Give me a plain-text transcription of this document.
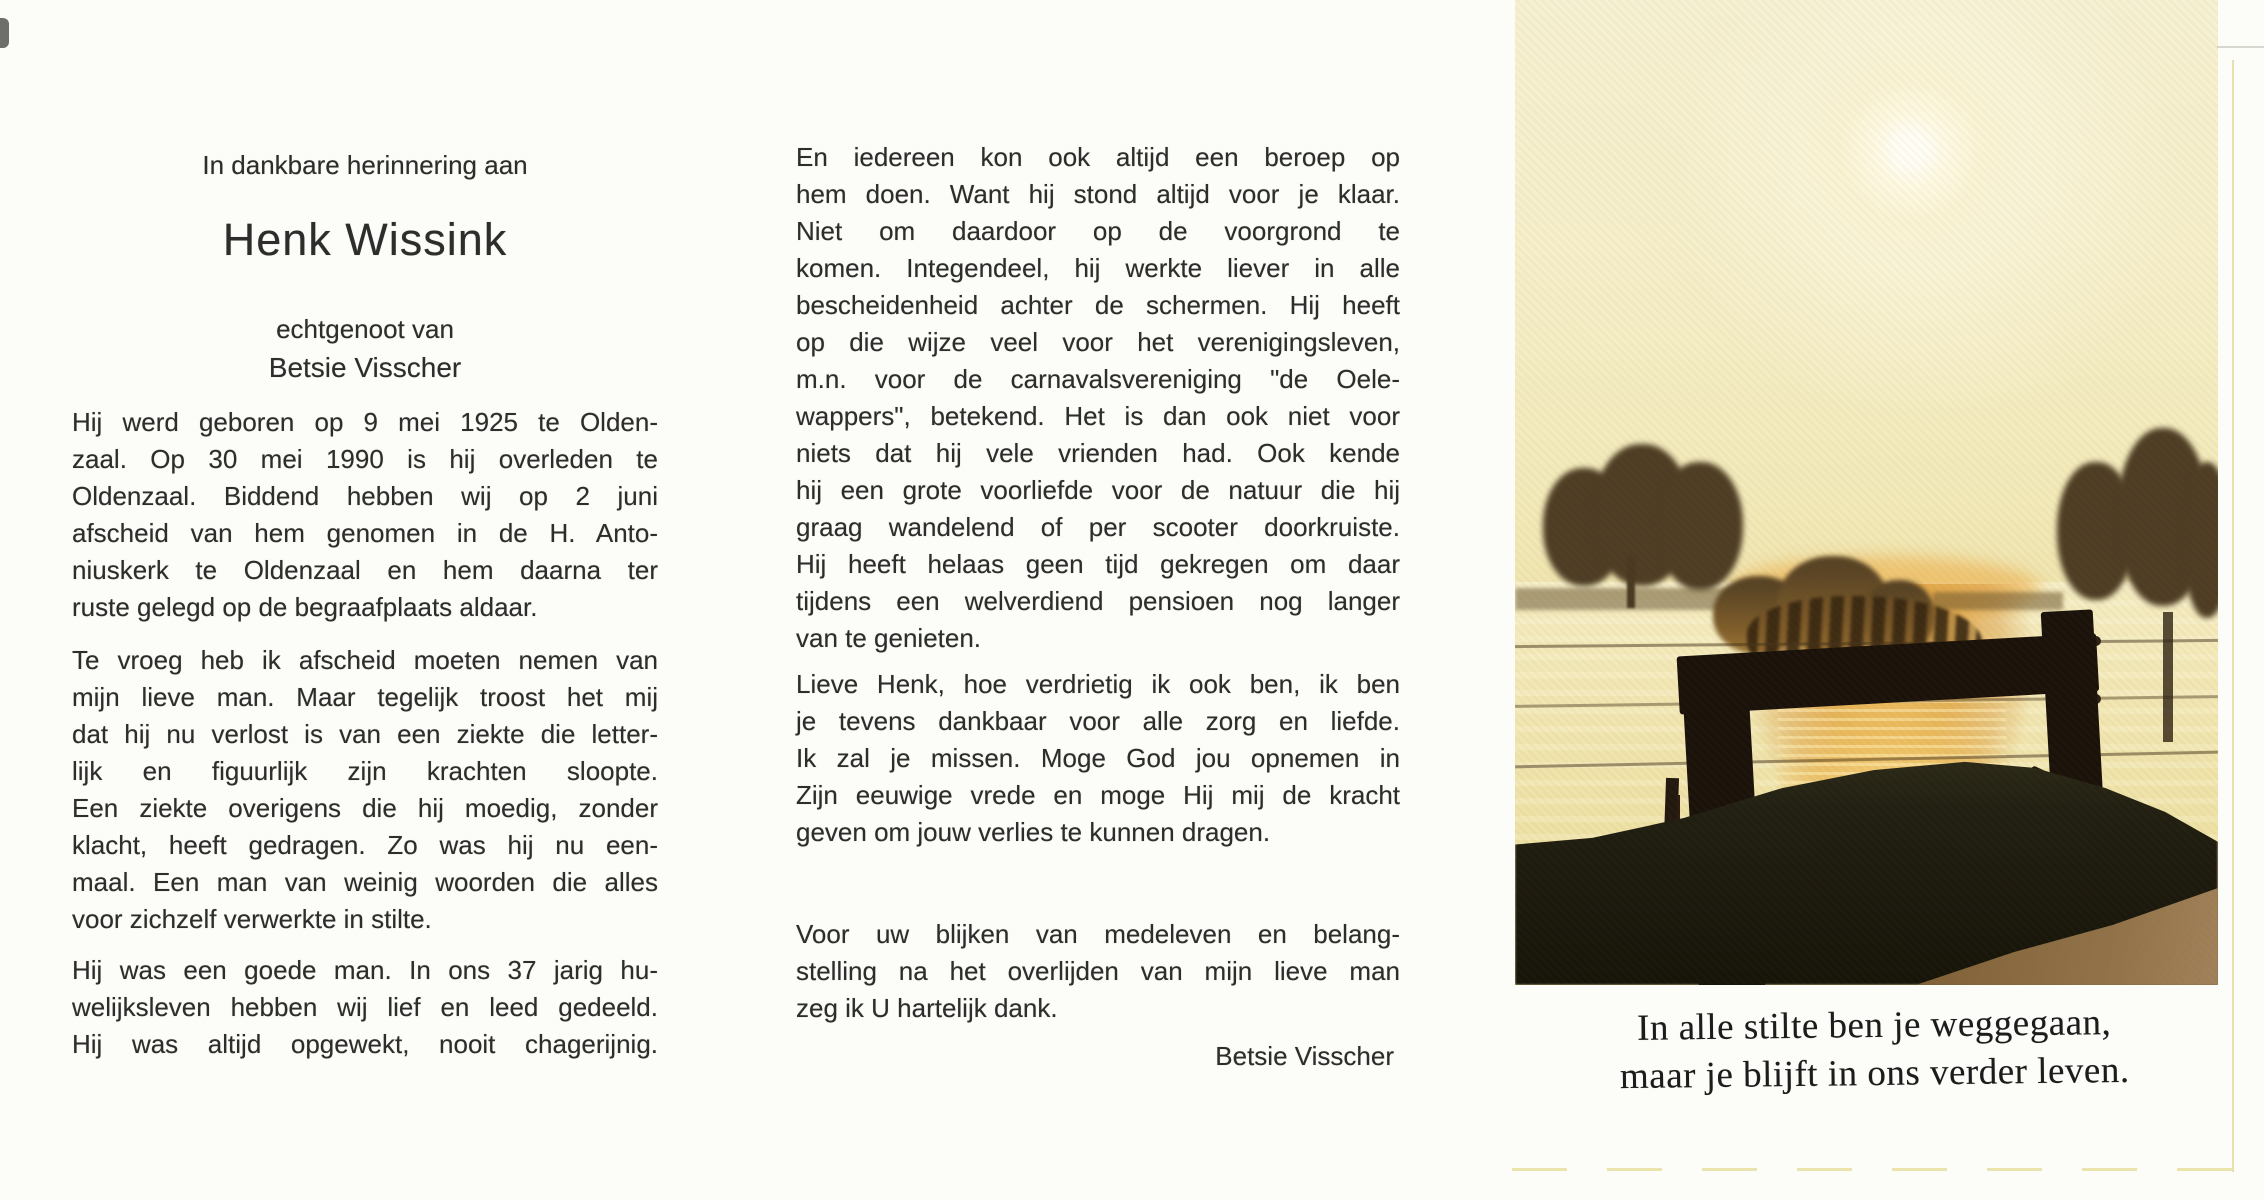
In dankbare herinnering aan
Henk Wissink
echtgenoot van
Betsie Visscher
Hij werd geboren op 9 mei 1925 te Olden-
zaal. Op 30 mei 1990 is hij overleden te
Oldenzaal. Biddend hebben wij op 2 juni
afscheid van hem genomen in de H. Anto-
niuskerk te Oldenzaal en hem daarna ter
ruste gelegd op de begraafplaats aldaar.
Te vroeg heb ik afscheid moeten nemen van
mijn lieve man. Maar tegelijk troost het mij
dat hij nu verlost is van een ziekte die letter-
lijk en figuurlijk zijn krachten sloopte.
Een ziekte overigens die hij moedig, zonder
klacht, heeft gedragen. Zo was hij nu een-
maal. Een man van weinig woorden die alles
voor zichzelf verwerkte in stilte.
Hij was een goede man. In ons 37 jarig hu-
welijksleven hebben wij lief en leed gedeeld.
Hij was altijd opgewekt, nooit chagerijnig.
En iedereen kon ook altijd een beroep op
hem doen. Want hij stond altijd voor je klaar.
Niet om daardoor op de voorgrond te
komen. Integendeel, hij werkte liever in alle
bescheidenheid achter de schermen. Hij heeft
op die wijze veel voor het verenigingsleven,
m.n. voor de carnavalsvereniging "de Oele-
wappers", betekend. Het is dan ook niet voor
niets dat hij vele vrienden had. Ook kende
hij een grote voorliefde voor de natuur die hij
graag wandelend of per scooter doorkruiste.
Hij heeft helaas geen tijd gekregen om daar
tijdens een welverdiend pensioen nog langer
van te genieten.
Lieve Henk, hoe verdrietig ik ook ben, ik ben
je tevens dankbaar voor alle zorg en liefde.
Ik zal je missen. Moge God jou opnemen in
Zijn eeuwige vrede en moge Hij mij de kracht
geven om jouw verlies te kunnen dragen.
Voor uw blijken van medeleven en belang-
stelling na het overlijden van mijn lieve man
zeg ik U hartelijk dank.
Betsie Visscher
In alle stilte ben je weggegaan,
maar je blijft in ons verder leven.
